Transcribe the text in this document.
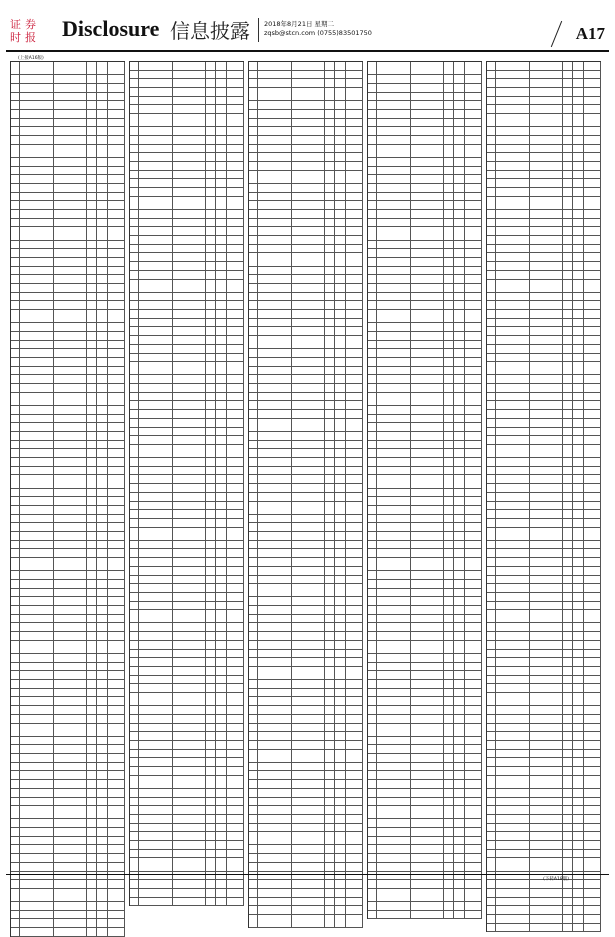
证 券
时 报 Disclosure 信息披露 2018年8月21日 星期二
zqsb@stcn.com (0755)83501750	A17
(上接A16版)
(下转A18版)
